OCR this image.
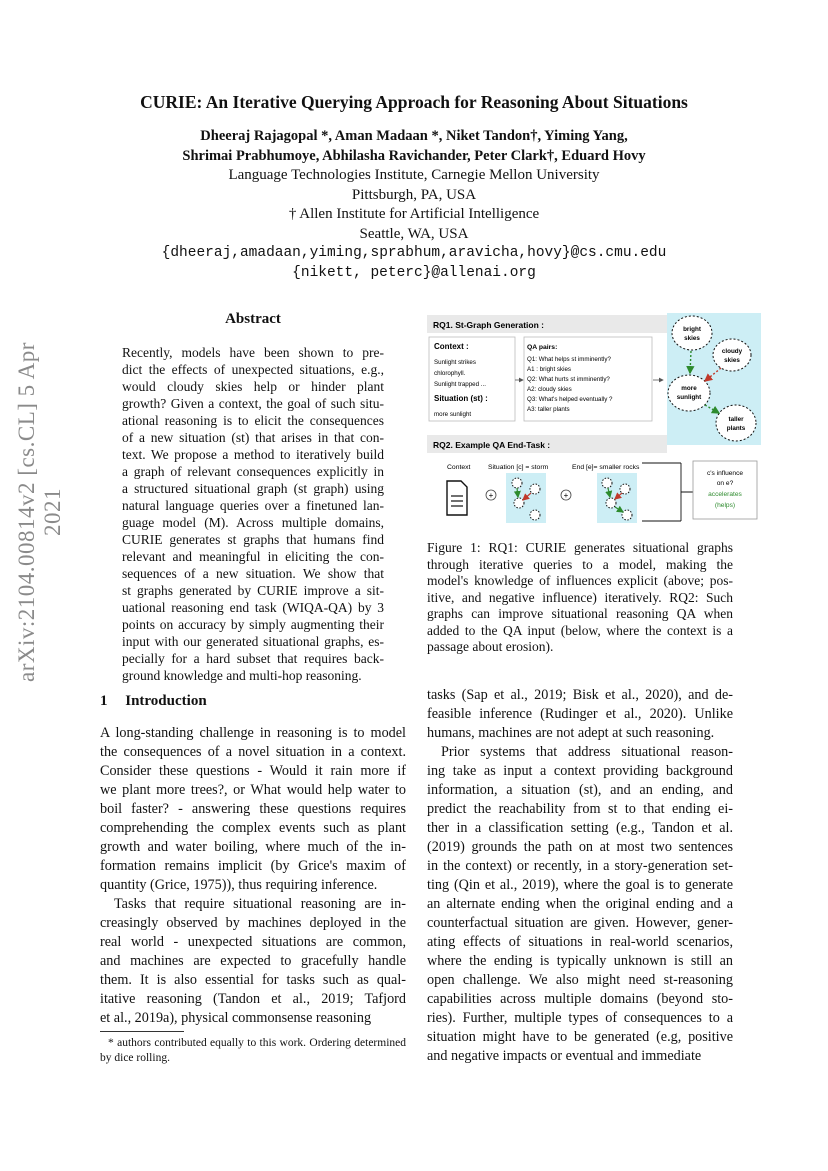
arXiv:2104.00814v2 [cs.CL] 5 Apr 2021
CURIE: An Iterative Querying Approach for Reasoning About Situations
Dheeraj Rajagopal *, Aman Madaan *, Niket Tandon†, Yiming Yang,
Shrimai Prabhumoye, Abhilasha Ravichander, Peter Clark†, Eduard Hovy
Language Technologies Institute, Carnegie Mellon University
Pittsburgh, PA, USA
† Allen Institute for Artificial Intelligence
Seattle, WA, USA
{dheeraj,amadaan,yiming,sprabhum,aravicha,hovy}@cs.cmu.edu
{nikett, peterc}@allenai.org
Abstract
Recently, models have been shown to pre-
dict the effects of unexpected situations, e.g.,
would cloudy skies help or hinder plant
growth? Given a context, the goal of such situ-
ational reasoning is to elicit the consequences
of a new situation (st) that arises in that con-
text. We propose a method to iteratively build
a graph of relevant consequences explicitly in
a structured situational graph (st graph) using
natural language queries over a finetuned lan-
guage model (M). Across multiple domains,
CURIE generates st graphs that humans find
relevant and meaningful in eliciting the con-
sequences of a new situation. We show that
st graphs generated by CURIE improve a sit-
uational reasoning end task (WIQA-QA) by 3
points on accuracy by simply augmenting their
input with our generated situational graphs, es-
pecially for a hard subset that requires back-
ground knowledge and multi-hop reasoning.
1 Introduction
A long-standing challenge in reasoning is to model
the consequences of a novel situation in a context.
Consider these questions - Would it rain more if
we plant more trees?, or What would help water to
boil faster? - answering these questions requires
comprehending the complex events such as plant
growth and water boiling, where much of the in-
formation remains implicit (by Grice's maxim of
quantity (Grice, 1975)), thus requiring inference.
Tasks that require situational reasoning are in-
creasingly observed by machines deployed in the
real world - unexpected situations are common,
and machines are expected to gracefully handle
them. It is also essential for tasks such as qual-
itative reasoning (Tandon et al., 2019; Tafjord
et al., 2019a), physical commonsense reasoning
* authors contributed equally to this work. Ordering determined by dice rolling.
tasks (Sap et al., 2019; Bisk et al., 2020), and de-
feasible inference (Rudinger et al., 2020). Unlike
humans, machines are not adept at such reasoning.
Prior systems that address situational reason-
ing take as input a context providing background
information, a situation (st), and an ending, and
predict the reachability from st to that ending ei-
ther in a classification setting (e.g., Tandon et al.
(2019) grounds the path on at most two sentences
in the context) or recently, in a story-generation set-
ting (Qin et al., 2019), where the goal is to generate
an alternate ending when the original ending and a
counterfactual situation are given. However, gener-
ating effects of situations in real-world scenarios,
where the ending is typically unknown is still an
open challenge. We also might need st-reasoning
capabilities across multiple domains (beyond sto-
ries). Further, multiple types of consequences to a
situation might have to be generated (e.g, positive
and negative impacts or eventual and immediate
Figure 1: RQ1: CURIE generates situational graphs
through iterative queries to a model, making the
model's knowledge of influences explicit (above; pos-
itive, and negative influence) iteratively. RQ2: Such
graphs can improve situational reasoning QA when
added to the QA input (below, where the context is a
passage about erosion).
RQ1. St-Graph Generation :
Context :
Sunlight strikes
chlorophyll.
Sunlight trapped ...
Situation (st) :
more sunlight
QA pairs:
Q1: What helps st imminently?
A1 : bright skies
Q2: What hurts st imminently?
A2: cloudy skies
Q3: What's helped eventually ?
A3: taller plants
bright
skies
cloudy
skies
more
sunlight
taller
plants
RQ2. Example QA End-Task :
Context	Situation [c] = storm	End [e]= smaller rocks
+	+
c's influence
on e?
accelerates
(helps)
